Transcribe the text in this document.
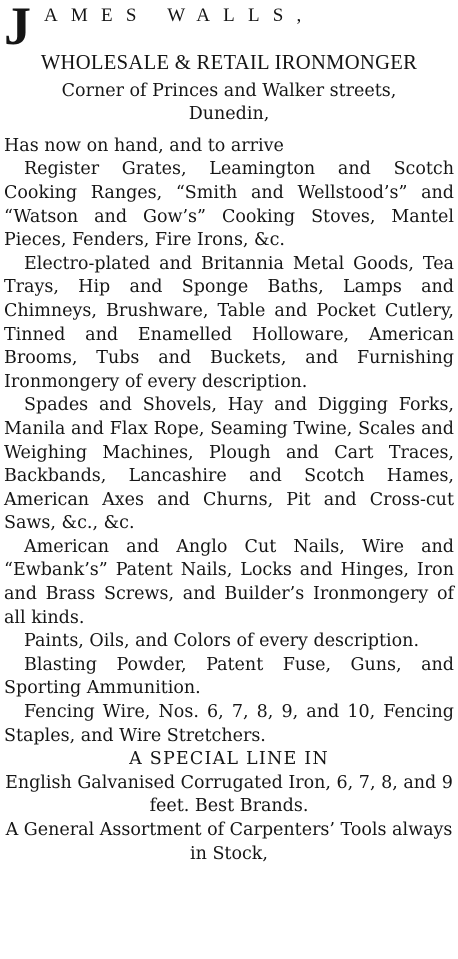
J AMES WALLS,
WHOLESALE & RETAIL IRONMONGER
Corner of Princes and Walker streets,
Dunedin,
Has now on hand, and to arrive
Register Grates, Leamington and Scotch Cooking Ranges, “Smith and Wellstood’s” and “Watson and Gow’s” Cooking Stoves, Mantel Pieces, Fenders, Fire Irons, &c.
Electro-plated and Britannia Metal Goods, Tea Trays, Hip and Sponge Baths, Lamps and Chimneys, Brushware, Table and Pocket Cutlery, Tinned and Enamelled Holloware, American Brooms, Tubs and Buckets, and Furnishing Ironmongery of every description.
Spades and Shovels, Hay and Digging Forks, Manila and Flax Rope, Seaming Twine, Scales and Weighing Machines, Plough and Cart Traces, Backbands, Lancashire and Scotch Hames, American Axes and Churns, Pit and Cross-cut Saws, &c., &c.
American and Anglo Cut Nails, Wire and “Ewbank’s” Patent Nails, Locks and Hinges, Iron and Brass Screws, and Builder’s Ironmongery of all kinds.
Paints, Oils, and Colors of every description.
Blasting Powder, Patent Fuse, Guns, and Sporting Ammunition.
Fencing Wire, Nos. 6, 7, 8, 9, and 10, Fencing Staples, and Wire Stretchers.
A SPECIAL LINE IN
English Galvanised Corrugated Iron, 6, 7, 8, and 9 feet. Best Brands.
A General Assortment of Carpenters’ Tools always in Stock,
